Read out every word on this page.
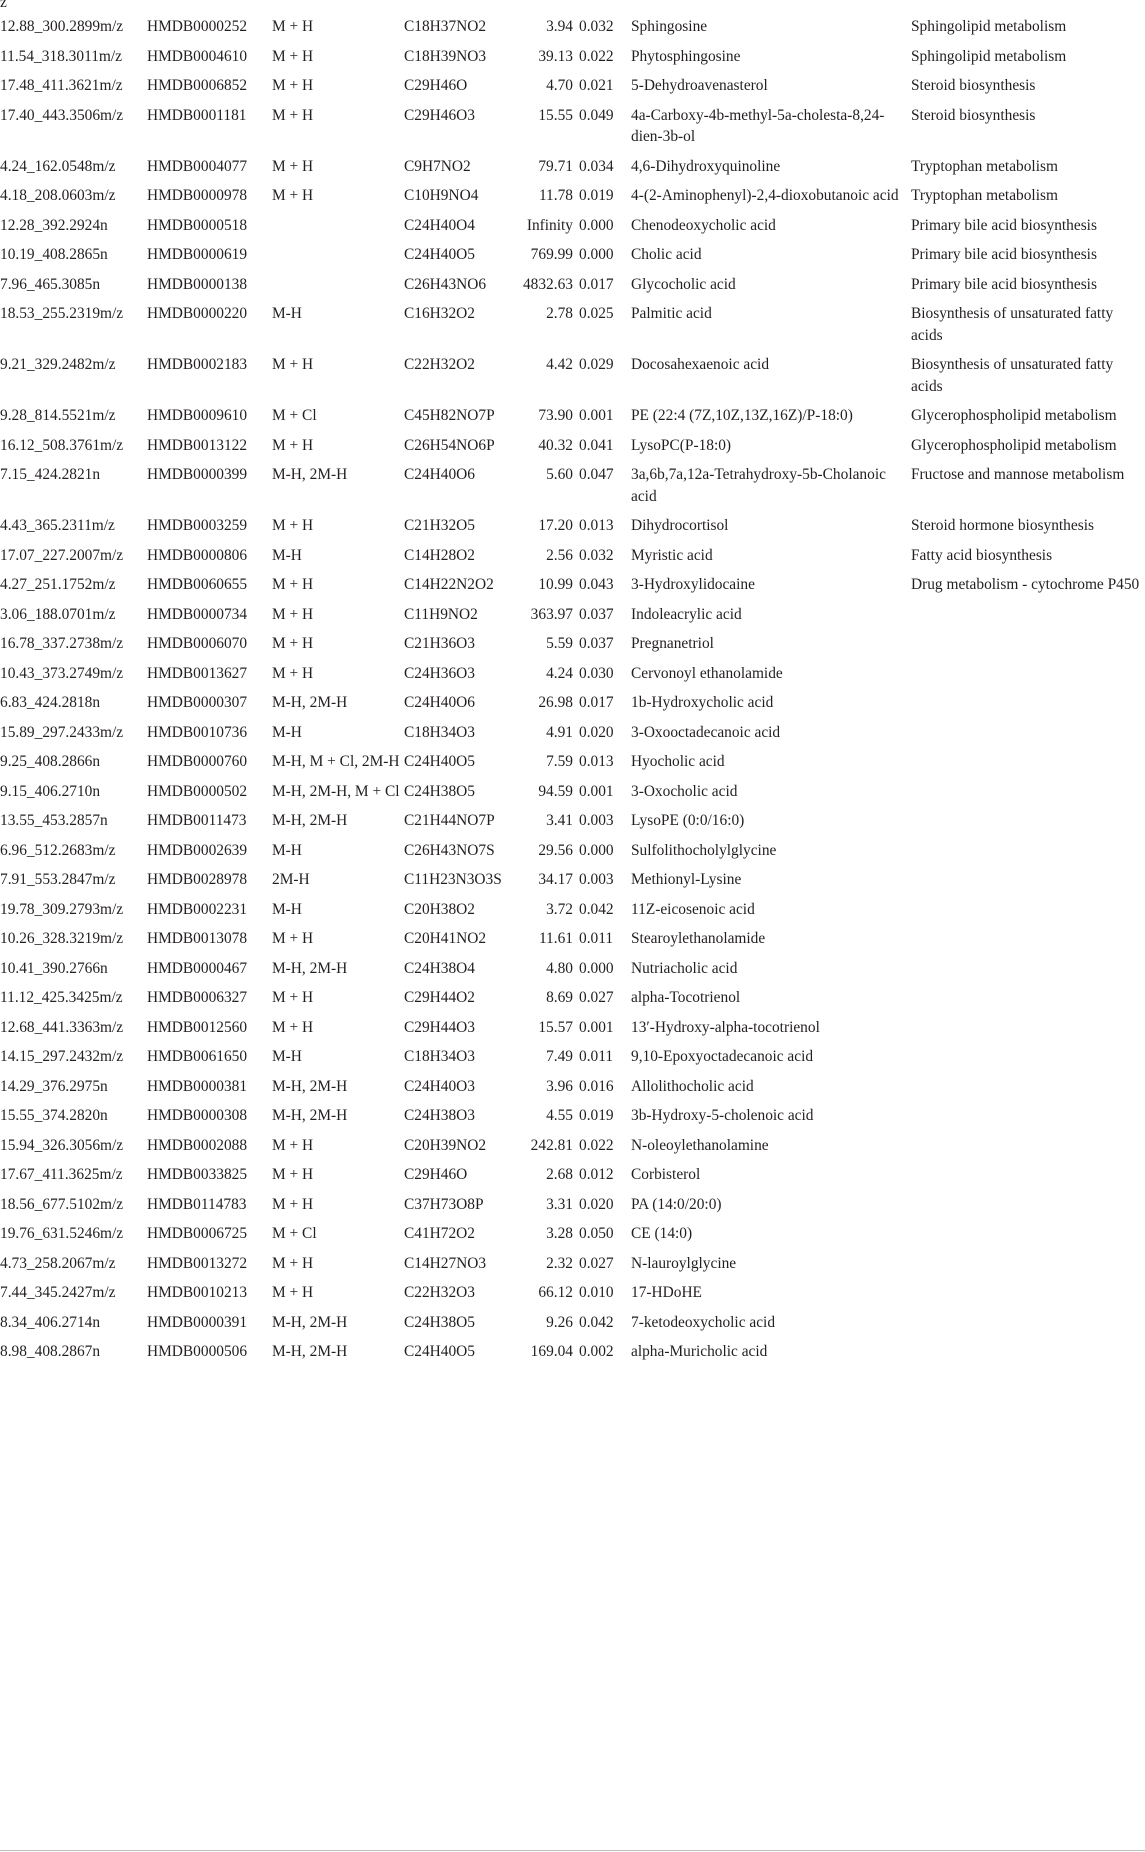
z
12.88_300.2899m/z	HMDB0000252	M + H	C18H37NO2	3.94	0.032	Sphingosine	Sphingolipid metabolism
11.54_318.3011m/z	HMDB0004610	M + H	C18H39NO3	39.13	0.022	Phytosphingosine	Sphingolipid metabolism
17.48_411.3621m/z	HMDB0006852	M + H	C29H46O	4.70	0.021	5-Dehydroavenasterol	Steroid biosynthesis
17.40_443.3506m/z	HMDB0001181	M + H	C29H46O3	15.55	0.049	4a-Carboxy-4b-methyl-5a-cholesta-8,24-dien-3b-ol	Steroid biosynthesis
4.24_162.0548m/z	HMDB0004077	M + H	C9H7NO2	79.71	0.034	4,6-Dihydroxyquinoline	Tryptophan metabolism
4.18_208.0603m/z	HMDB0000978	M + H	C10H9NO4	11.78	0.019	4-(2-Aminophenyl)-2,4-dioxobutanoic acid	Tryptophan metabolism
12.28_392.2924n	HMDB0000518		C24H40O4	Infinity	0.000	Chenodeoxycholic acid	Primary bile acid biosynthesis
10.19_408.2865n	HMDB0000619		C24H40O5	769.99	0.000	Cholic acid	Primary bile acid biosynthesis
7.96_465.3085n	HMDB0000138		C26H43NO6	4832.63	0.017	Glycocholic acid	Primary bile acid biosynthesis
18.53_255.2319m/z	HMDB0000220	M-H	C16H32O2	2.78	0.025	Palmitic acid	Biosynthesis of unsaturated fatty acids
9.21_329.2482m/z	HMDB0002183	M + H	C22H32O2	4.42	0.029	Docosahexaenoic acid	Biosynthesis of unsaturated fatty acids
9.28_814.5521m/z	HMDB0009610	M + Cl	C45H82NO7P	73.90	0.001	PE (22:4 (7Z,10Z,13Z,16Z)/P-18:0)	Glycerophospholipid metabolism
16.12_508.3761m/z	HMDB0013122	M + H	C26H54NO6P	40.32	0.041	LysoPC(P-18:0)	Glycerophospholipid metabolism
7.15_424.2821n	HMDB0000399	M-H, 2M-H	C24H40O6	5.60	0.047	3a,6b,7a,12a-Tetrahydroxy-5b-Cholanoic acid	Fructose and mannose metabolism
4.43_365.2311m/z	HMDB0003259	M + H	C21H32O5	17.20	0.013	Dihydrocortisol	Steroid hormone biosynthesis
17.07_227.2007m/z	HMDB0000806	M-H	C14H28O2	2.56	0.032	Myristic acid	Fatty acid biosynthesis
4.27_251.1752m/z	HMDB0060655	M + H	C14H22N2O2	10.99	0.043	3-Hydroxylidocaine	Drug metabolism - cytochrome P450
3.06_188.0701m/z	HMDB0000734	M + H	C11H9NO2	363.97	0.037	Indoleacrylic acid	
16.78_337.2738m/z	HMDB0006070	M + H	C21H36O3	5.59	0.037	Pregnanetriol	
10.43_373.2749m/z	HMDB0013627	M + H	C24H36O3	4.24	0.030	Cervonoyl ethanolamide	
6.83_424.2818n	HMDB0000307	M-H, 2M-H	C24H40O6	26.98	0.017	1b-Hydroxycholic acid	
15.89_297.2433m/z	HMDB0010736	M-H	C18H34O3	4.91	0.020	3-Oxooctadecanoic acid	
9.25_408.2866n	HMDB0000760	M-H, M + Cl, 2M-H	C24H40O5	7.59	0.013	Hyocholic acid	
9.15_406.2710n	HMDB0000502	M-H, 2M-H, M + Cl	C24H38O5	94.59	0.001	3-Oxocholic acid	
13.55_453.2857n	HMDB0011473	M-H, 2M-H	C21H44NO7P	3.41	0.003	LysoPE (0:0/16:0)	
6.96_512.2683m/z	HMDB0002639	M-H	C26H43NO7S	29.56	0.000	Sulfolithocholylglycine	
7.91_553.2847m/z	HMDB0028978	2M-H	C11H23N3O3S	34.17	0.003	Methionyl-Lysine	
19.78_309.2793m/z	HMDB0002231	M-H	C20H38O2	3.72	0.042	11Z-eicosenoic acid	
10.26_328.3219m/z	HMDB0013078	M + H	C20H41NO2	11.61	0.011	Stearoylethanolamide	
10.41_390.2766n	HMDB0000467	M-H, 2M-H	C24H38O4	4.80	0.000	Nutriacholic acid	
11.12_425.3425m/z	HMDB0006327	M + H	C29H44O2	8.69	0.027	alpha-Tocotrienol	
12.68_441.3363m/z	HMDB0012560	M + H	C29H44O3	15.57	0.001	13′-Hydroxy-alpha-tocotrienol	
14.15_297.2432m/z	HMDB0061650	M-H	C18H34O3	7.49	0.011	9,10-Epoxyoctadecanoic acid	
14.29_376.2975n	HMDB0000381	M-H, 2M-H	C24H40O3	3.96	0.016	Allolithocholic acid	
15.55_374.2820n	HMDB0000308	M-H, 2M-H	C24H38O3	4.55	0.019	3b-Hydroxy-5-cholenoic acid	
15.94_326.3056m/z	HMDB0002088	M + H	C20H39NO2	242.81	0.022	N-oleoylethanolamine	
17.67_411.3625m/z	HMDB0033825	M + H	C29H46O	2.68	0.012	Corbisterol	
18.56_677.5102m/z	HMDB0114783	M + H	C37H73O8P	3.31	0.020	PA (14:0/20:0)	
19.76_631.5246m/z	HMDB0006725	M + Cl	C41H72O2	3.28	0.050	CE (14:0)	
4.73_258.2067m/z	HMDB0013272	M + H	C14H27NO3	2.32	0.027	N-lauroylglycine	
7.44_345.2427m/z	HMDB0010213	M + H	C22H32O3	66.12	0.010	17-HDoHE	
8.34_406.2714n	HMDB0000391	M-H, 2M-H	C24H38O5	9.26	0.042	7-ketodeoxycholic acid	
8.98_408.2867n	HMDB0000506	M-H, 2M-H	C24H40O5	169.04	0.002	alpha-Muricholic acid	
